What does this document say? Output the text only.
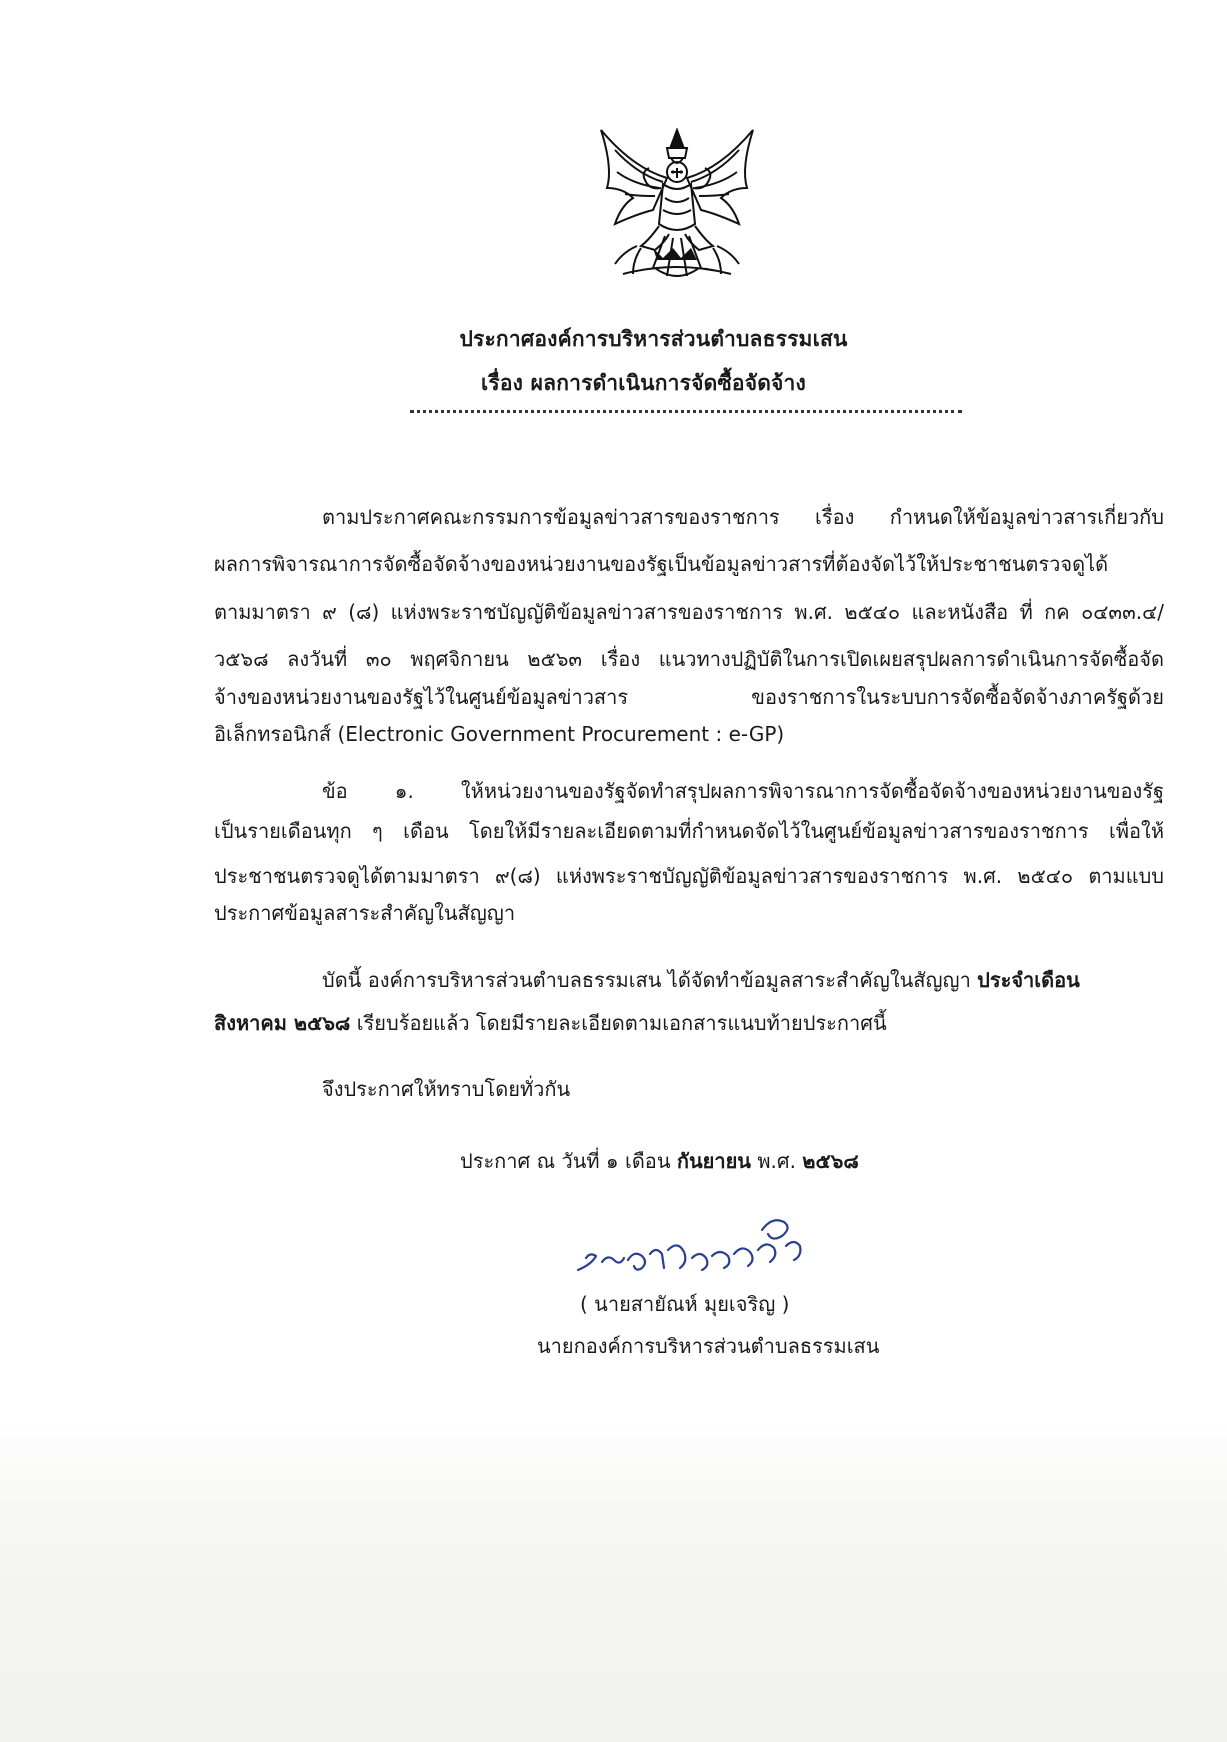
ประกาศองค์การบริหารส่วนตำบลธรรมเสน
เรื่อง ผลการดำเนินการจัดซื้อจัดจ้าง
ตามประกาศคณะกรรมการข้อมูลข่าวสารของราชการ เรื่อง กำหนดให้ข้อมูลข่าวสารเกี่ยวกับ
ผลการพิจารณาการจัดซื้อจัดจ้างของหน่วยงานของรัฐเป็นข้อมูลข่าวสารที่ต้องจัดไว้ให้ประชาชนตรวจดูได้
ตามมาตรา ๙ (๘) แห่งพระราชบัญญัติข้อมูลข่าวสารของราชการ พ.ศ. ๒๕๔๐ และหนังสือ ที่ กค ๐๔๓๓.๔/
ว๕๖๘ ลงวันที่ ๓๐ พฤศจิกายน ๒๕๖๓ เรื่อง แนวทางปฏิบัติในการเปิดเผยสรุปผลการดำเนินการจัดซื้อจัด
จ้างของหน่วยงานของรัฐไว้ในศูนย์ข้อมูลข่าวสาร ของราชการในระบบการจัดซื้อจัดจ้างภาครัฐด้วย
อิเล็กทรอนิกส์ (Electronic Government Procurement : e-GP)
ข้อ ๑. ให้หน่วยงานของรัฐจัดทำสรุปผลการพิจารณาการจัดซื้อจัดจ้างของหน่วยงานของรัฐ
เป็นรายเดือนทุก ๆ เดือน โดยให้มีรายละเอียดตามที่กำหนดจัดไว้ในศูนย์ข้อมูลข่าวสารของราชการ เพื่อให้
ประชาชนตรวจดูได้ตามมาตรา ๙(๘) แห่งพระราชบัญญัติข้อมูลข่าวสารของราชการ พ.ศ. ๒๕๔๐ ตามแบบ
ประกาศข้อมูลสาระสำคัญในสัญญา
บัดนี้ องค์การบริหารส่วนตำบลธรรมเสน ได้จัดทำข้อมูลสาระสำคัญในสัญญา ประจำเดือน
สิงหาคม ๒๕๖๘ เรียบร้อยแล้ว โดยมีรายละเอียดตามเอกสารแนบท้ายประกาศนี้
จึงประกาศให้ทราบโดยทั่วกัน
ประกาศ ณ วันที่ ๑ เดือน กันยายน พ.ศ. ๒๕๖๘
( นายสายัณห์ มุยเจริญ )
นายกองค์การบริหารส่วนตำบลธรรมเสน
